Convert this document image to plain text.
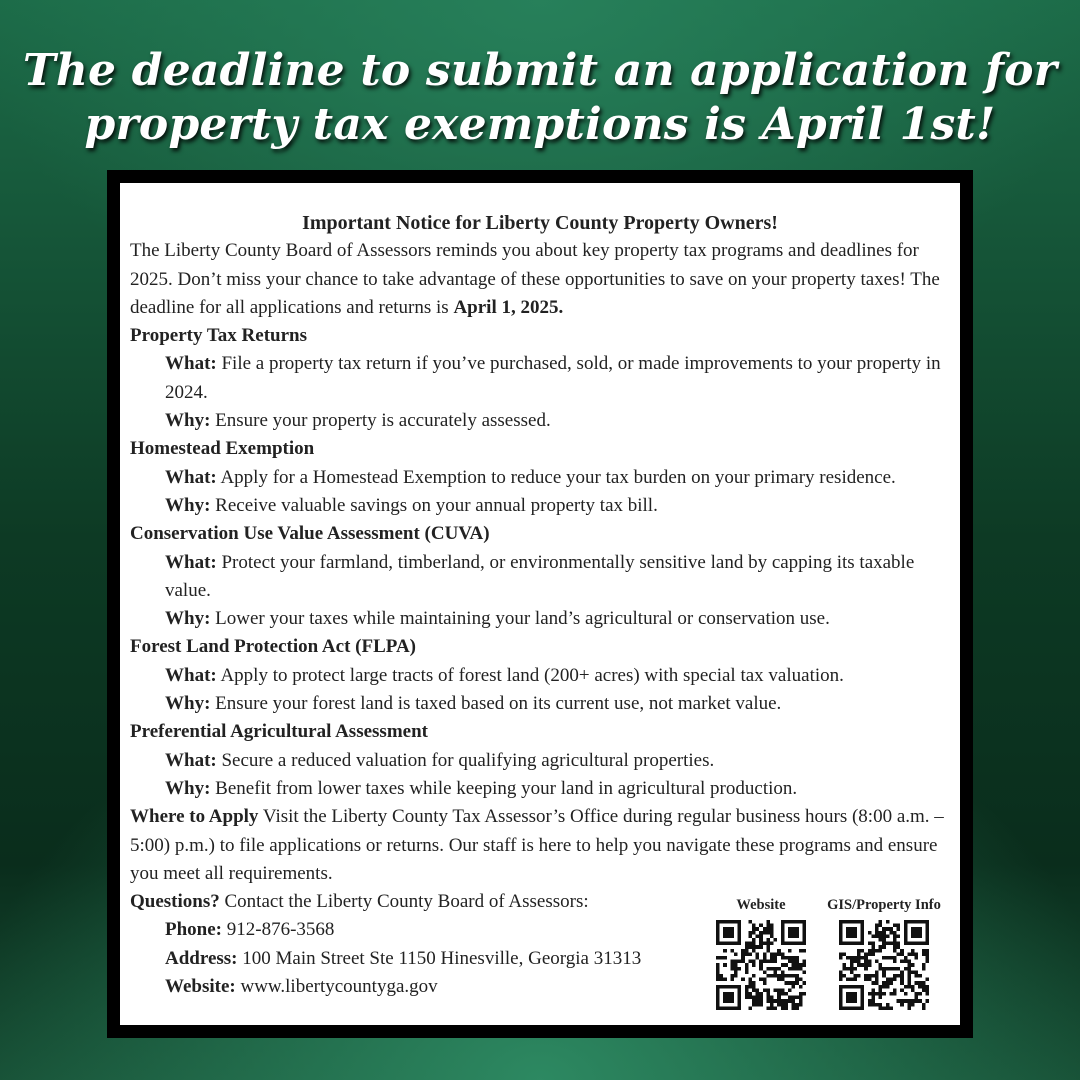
The deadline to submit an application for
property tax exemptions is April 1st!

Important Notice for Liberty County Property Owners!

The Liberty County Board of Assessors reminds you about key property tax programs and deadlines for 2025. Don’t miss your chance to take advantage of these opportunities to save on your property taxes! The deadline for all applications and returns is April 1, 2025.

Property Tax Returns

What: File a property tax return if you’ve purchased, sold, or made improvements to your property in 2024.

Why: Ensure your property is accurately assessed.

Homestead Exemption

What: Apply for a Homestead Exemption to reduce your tax burden on your primary residence.

Why: Receive valuable savings on your annual property tax bill.

Conservation Use Value Assessment (CUVA)

What: Protect your farmland, timberland, or environmentally sensitive land by capping its taxable value.

Why: Lower your taxes while maintaining your land’s agricultural or conservation use.

Forest Land Protection Act (FLPA)

What: Apply to protect large tracts of forest land (200+ acres) with special tax valuation.

Why: Ensure your forest land is taxed based on its current use, not market value.

Preferential Agricultural Assessment

What: Secure a reduced valuation for qualifying agricultural properties.

Why: Benefit from lower taxes while keeping your land in agricultural production.

Where to Apply Visit the Liberty County Tax Assessor’s Office during regular business hours (8:00 a.m. – 5:00) p.m.) to file applications or returns. Our staff is here to help you navigate these programs and ensure you meet all requirements.

Questions? Contact the Liberty County Board of Assessors:

Phone: 912-876-3568

Address: 100 Main Street Ste 1150 Hinesville, Georgia 31313

Website: www.libertycountyga.gov

Website	GIS/Property Info
